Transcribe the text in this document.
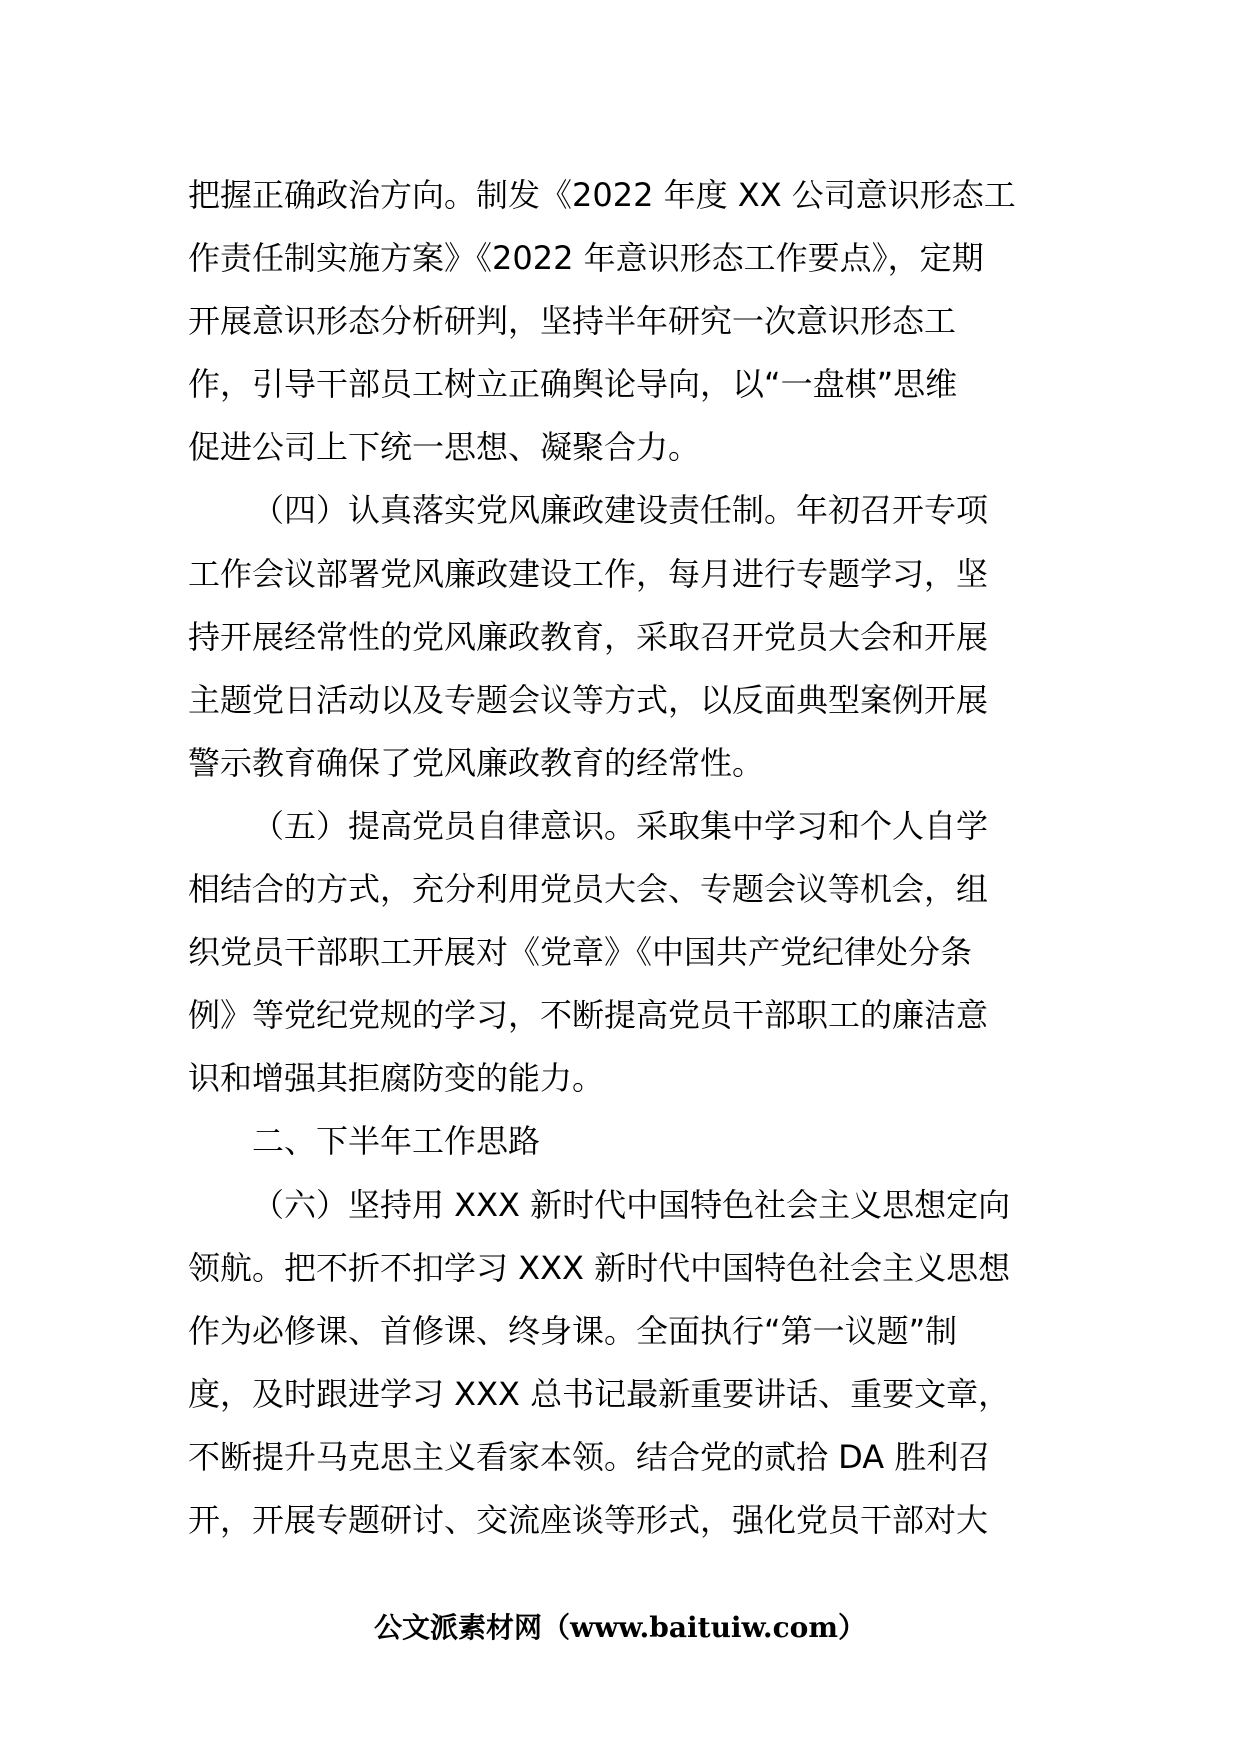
把握正确政治方向。制发《2022 年度 XX 公司意识形态工
作责任制实施方案》《2022 年意识形态工作要点》，定期
开展意识形态分析研判，坚持半年研究一次意识形态工
作，引导干部员工树立正确舆论导向，以“一盘棋”思维
促进公司上下统一思想、凝聚合力。
（四）认真落实党风廉政建设责任制。年初召开专项
工作会议部署党风廉政建设工作，每月进行专题学习，坚
持开展经常性的党风廉政教育，采取召开党员大会和开展
主题党日活动以及专题会议等方式，以反面典型案例开展
警示教育确保了党风廉政教育的经常性。
（五）提高党员自律意识。采取集中学习和个人自学
相结合的方式，充分利用党员大会、专题会议等机会，组
织党员干部职工开展对《党章》《中国共产党纪律处分条
例》等党纪党规的学习，不断提高党员干部职工的廉洁意
识和增强其拒腐防变的能力。
二、下半年工作思路
（六）坚持用 XXX 新时代中国特色社会主义思想定向
领航。把不折不扣学习 XXX 新时代中国特色社会主义思想
作为必修课、首修课、终身课。全面执行“第一议题”制
度，及时跟进学习 XXX 总书记最新重要讲话、重要文章，
不断提升马克思主义看家本领。结合党的贰拾 DA 胜利召
开，开展专题研讨、交流座谈等形式，强化党员干部对大
公文派素材网（www.baituiw.com）
